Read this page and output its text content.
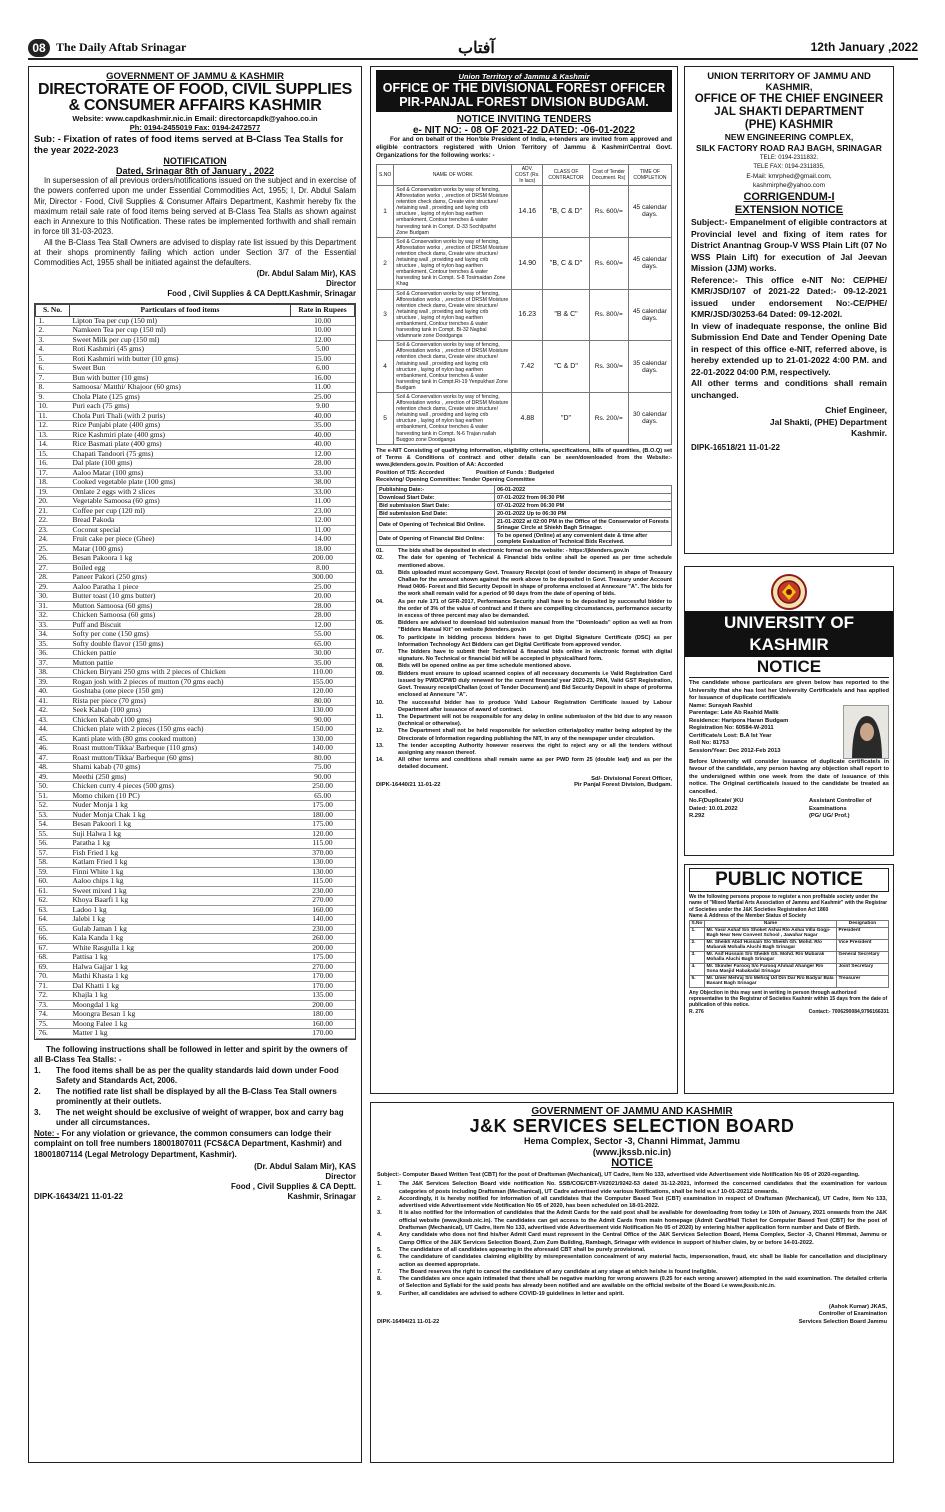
08 The Daily Aftab Srinagar	آفتاب	12th January ,2022
GOVERNMENT OF JAMMU & KASHMIR
DIRECTORATE OF FOOD, CIVIL SUPPLIES
& CONSUMER AFFAIRS KASHMIR
Website: www.capdkashmir.nic.in Email: directorcapdk@yahoo.co.in
Ph: 0194-2455019 Fax: 0194-2472577
Sub: - Fixation of rates of food items served at B-Class Tea Stalls for the year 2022-2023
NOTIFICATION
Dated, Srinagar 8th of January , 2022
In supersession of all previous orders/notifications issued on the subject and in exercise of the powers conferred upon me under Essential Commodities Act, 1955; I, Dr. Abdul Salam Mir, Director - Food, Civil Supplies & Consumer Affairs Department, Kashmir hereby fix the maximum retail sale rate of food items being served at B-Class Tea Stalls as shown against each in Annexure to this Notification. These rates be implemented forthwith and shall remain in force till 31-03-2023.
All the B-Class Tea Stall Owners are advised to display rate list issued by this Department at their shops prominently failing which action under Section 3/7 of the Essential Commodities Act, 1955 shall be initiated against the defaulters.
(Dr. Abdul Salam Mir), KAS
Director
Food , Civil Supplies & CA Deptt.Kashmir, Srinagar
S. No.	Particulars of food items	Rate in Rupees
1.	Lipton Tea per cup (150 ml)	10.00
2.	Namkeen Tea per cup (150 ml)	10.00
3.	Sweet Milk per cup (150 ml)	12.00
4.	Roti Kashmiri (45 gms)	5.00
5.	Roti Kashmiri with butter (10 gms)	15.00
6.	Sweet Bun	6.00
7.	Bun with butter (10 gms)	16.00
8.	Samoosa/ Matthi/ Khajoor (60 gms)	11.00
9.	Chola Plate (125 gms)	25.00
10.	Puri each (75 gms)	9.00
11.	Chola Puri Thali (with 2 puris)	40.00
12.	Rice Punjabi plate (400 gms)	35.00
13.	Rice Kashmiri plate (400 gms)	40.00
14.	Rice Basmati plate (400 gms)	40.00
15.	Chapati Tandoori (75 gms)	12.00
16.	Dal plate (100 gms)	28.00
17.	Aaloo Matar (100 gms)	33.00
18.	Cooked vegetable plate (100 gms)	38.00
19.	Omlate 2 eggs with 2 slices	33.00
20.	Vegetable Samoosa (60 gms)	11.00
21.	Coffee per cup (120 ml)	23.00
22.	Bread Pakoda	12.00
23.	Coconut special	11.00
24.	Fruit cake per piece (Ghee)	14.00
25.	Matar (100 gms)	18.00
26.	Besan Pakoora 1 kg	200.00
27.	Boiled egg	8.00
28.	Paneer Pakori (250 gms)	300.00
29.	Aaloo Paratha 1 piece	25.00
30.	Butter toast (10 gms butter)	20.00
31.	Mutton Samoosa (60 gms)	28.00
32.	Chicken Samoosa (60 gms)	28.00
33.	Puff and Biscuit	12.00
34.	Softy per cone (150 gms)	55.00
35.	Softy double flavor (150 gms)	65.00
36.	Chicken pattie	30.00
37.	Mutton pattie	35.00
38.	Chicken Biryani 250 gms with 2 pieces of Chicken	110.00
39.	Rogan josh with 2 pieces of mutton (70 gms each)	155.00
40.	Goshtaba (one piece (150 gm)	120.00
41.	Rista per piece (70 gms)	80.00
42.	Seek Kabab (100 gms)	130.00
43.	Chicken Kabab (100 gms)	90.00
44.	Chicken plate with 2 pieces (150 gms each)	150.00
45.	Kanti plate with (80 gms cooked mutton)	130.00
46.	Roast mutton/Tikka/ Barbeque (110 gms)	140.00
47.	Roast mutton/Tikka/ Barbeque (60 gms)	80.00
48.	Shami kabab (70 gms)	75.00
49.	Meethi (250 gms)	90.00
50.	Chicken curry 4 pieces (500 gms)	250.00
51.	Momo chiken (10 PC)	65.00
52.	Nuder Monja 1 kg	175.00
53.	Nuder Monja Chak 1 kg	180.00
54.	Besan Pakoori 1 kg	175.00
55.	Suji Halwa 1 kg	120.00
56.	Paratha 1 kg	115.00
57.	Fish Fried 1 kg	370.00
58.	Katlam Fried 1 kg	130.00
59.	Finni White 1 kg	130.00
60.	Aaloo chips 1 kg	115.00
61.	Sweet mixed 1 kg	230.00
62.	Khoya Baarfi 1 kg	270.00
63.	Ladoo 1 kg	160.00
64.	Jalebi 1 kg	140.00
65.	Gulab Jaman 1 kg	230.00
66.	Kala Kanda 1 kg	260.00
67.	White Rasgulla 1 kg	200.00
68.	Pattisa 1 kg	175.00
69.	Halwa Gajjar 1 kg	270.00
70.	Mathi Khasta 1 kg	170.00
71.	Dal Khatti 1 kg	170.00
72.	Khajla 1 kg	135.00
73.	Moongdal 1 kg	200.00
74.	Moongra Besan 1 kg	180.00
75.	Moong Falee 1 kg	160.00
76.	Matter 1 kg	170.00
The following instructions shall be followed in letter and spirit by the owners of all B-Class Tea Stalls: -
1.	The food items shall be as per the quality standards laid down under Food Safety and Standards Act, 2006.
2.	The notified rate list shall be displayed by all the B-Class Tea Stall owners prominently at their outlets.
3.	The net weight should be exclusive of weight of wrapper, box and carry bag under all circumstances.
Note: - For any violation or grievance, the common consumers can lodge their complaint on toll free numbers 18001807011 (FCS&CA Department, Kashmir) and 18001807114 (Legal Metrology Department, Kashmir).
(Dr. Abdul Salam Mir), KAS
Director
Food , Civil Supplies & CA Deptt.
DIPK-16434/21 11-01-22	Kashmir, Srinagar
Union Territory of Jammu & Kashmir
OFFICE OF THE DIVISIONAL FOREST OFFICER
PIR-PANJAL FOREST DIVISION BUDGAM.
NOTICE INVITING TENDERS
e- NIT NO: - 08 OF 2021-22 DATED: -06-01-2022
For and on behalf of the Hon'ble President of India, e-tenders are invited from approved and eligible contractors registered with Union Territory of Jammu & Kashmir/Central Govt. Organizations for the following works: -
S.NO	NAME OF WORK	ADV. COST (Rs. In lacs)	CLASS OF CONTRACTOR	Cost of Tender Document. Rs)	TIME OF COMPLETION
1	Soil & Conservation works by way of fencing, Afforestation works , ,erection of DRSM Moisture retention check dams, Create wire structure/ /retaining wall , providing and laying crib structure , laying of nylon bag earthen embankment, Contour trenches & water harvesting tank in Compt. D-33 Sochlipathri Zone Budgam	14.16	"B, C & D"	Rs. 600/=	45 calendar days.
2	Soil & Conservation works by way of fencing, Afforestation works , ,erection of DRSM Moisture retention check dams, Create wire structure/ /retaining wall , providing and laying crib structure , laying of nylon bag earthen embankment, Contour trenches & water harvesting tank in Compt. S-8 Tosimaidan Zone Khag	14.90	"B, C & D"	Rs. 600/=	45 calendar days.
3	Soil & Conservation works by way of fencing, Afforestation works , ,erection of DRSM Moisture retention check dams, Create wire structure/ /retaining wall , providing and laying crib structure , laying of nylon bag earthen embankment, Contour trenches & water harvesting tank in Compt. Bi-32 Nagbal vidamnarie zone Doodganga	16.23	"B & C"	Rs. 800/=	45 calendar days.
4	Soil & Conservation works by way of fencing, Afforestation works , ,erection of DRSM Moisture retention check dams, Create wire structure/ /retaining wall , providing and laying crib structure , laying of nylon bag earthen embankment, Contour trenches & water harvesting tank in Compt.Ri-19 Yenpukhari Zone Budgam	7.42	"C & D"	Rs. 300/=	35 calendar days.
5	Soil & Conservation works by way of fencing, Afforestation works , ,erection of DRSM Moisture retention check dams, Create wire structure/ /retaining wall , providing and laying crib structure , laying of nylon bag earthen embankment, Contour trenches & water harvesting tank in Compt. N-6 Trajan nallah Buqgoo zone Doodganga	4.88	"D"	Rs. 200/=	30 calendar days.
The e-NIT Consisting of qualifying information, eligibility criteria, specifications, bills of quantities, (B.O.Q) set of Terms & Conditions of contract and other details can be seen/downloaded from the Website:-www.jktenders.gov.in. Position of AA: Accorded
Position of T/S: Accorded	Position of Funds : Budgeted
Receiving/ Opening Committee: Tender Opening Committee
Publishing Date:-	06-01-2022
Download Start Date:	07-01-2022 from 06:30 PM
Bid submission Start Date:	07-01-2022 from 06:30 PM
Bid submission End Date:	20-01-2022 Up to 06:30 PM
Date of Opening of Technical Bid Online.	21-01-2022 at 02:00 PM in the Office of the Conservator of Forests Srinagar Circle at Shiekh Bagh Srinagar.
Date of Opening of Financial Bid Online:	To be opened (Online) at any convenient date & time after complete Evaluation of Technical Bids Received.
01.	The bids shall be deposited in electronic format on the website: - https://jktenders.gov.in
02.	The date for opening of Technical & Financial bids online shall be opened as per time schedule mentioned above.
03.	Bids uploaded must accompany Govt. Treasury Receipt (cost of tender document) in shape of Treasury Challan for the amount shown against the work above to be deposited in Govt. Treasury under Account Head 0406- Forest and Bid Security Deposit in shape of proforma enclosed at Annexure "A". The bids for the work shall remain valid for a period of 90 days from the date of opening of bids.
04.	As per rule 171 of GFR-2017, Performance Security shall have to be deposited by successful bidder to the order of 3% of the value of contract and if there are compelling circumstances, performance security in excess of three percent may also be demanded.
05.	Bidders are advised to download bid submission manual from the "Downloads" option as well as from "Bidders Manual Kit" on website jktenders.gov.in
06.	To participate in bidding process bidders have to get Digital Signature Certificate (DSC) as per Information Technology Act Bidders can get Digital Certificate from approved vendor.
07.	The bidders have to submit their Technical & financial bids online in electronic format with digital signature. No Technical or financial bid will be accepted in physical/hard form.
08.	Bids will be opened online as per time schedule mentioned above.
09.	Bidders must ensure to upload scanned copies of all necessary documents i.e Valid Registration Card issued by PWD/CPWD duly renewed for the current financial year 2020-21, PAN, Valid GST Registration, Govt. Treasury receipt/Challan (cost of Tender Document) and Bid Security Deposit in shape of proforma enclosed at Annexure "A".
10.	The successful bidder has to produce Valid Labour Registration Certificate issued by Labour Department after issuance of award of contract.
11.	The Department will not be responsible for any delay in online submission of the bid due to any reason (technical or otherwise).
12.	The Department shall not be held responsible for selection criteria/policy matter being adopted by the Directorate of Information regarding publishing the NIT, in any of the newspaper under circulation.
13.	The tender accepting Authority however reserves the right to reject any or all the tenders without assigning any reason thereof.
14.	All other terms and conditions shall remain same as per PWD form 25 (double leaf) and as per the detailed document.
Sd/- Divisional Forest Officer,
DIPK-16440/21 11-01-22	Pir Panjal Forest Division, Budgam.
UNION TERRITORY OF JAMMU AND KASHMIR,
OFFICE OF THE CHIEF ENGINEER
JAL SHAKTI DEPARTMENT
(PHE) KASHMIR
NEW ENGINEERING COMPLEX,
SILK FACTORY ROAD RAJ BAGH, SRINAGAR
TELE: 0194-2311832.
TELE FAX: 0194-2311835,
E-Mail: kmrphed@gmail.com,
kashmirphe@yahoo.com
CORRIGENDUM-I
EXTENSION NOTICE
Subject:- Empanelment of eligible contractors at Provincial level and fixing of item rates for District Anantnag Group-V WSS Plain Lift (07 No WSS Plain Lift) for execution of Jal Jeevan Mission (JJM) works.
Reference:- This office e-NIT No: CE/PHE/ KMR/JSD/107 of 2021-22 Dated:- 09-12-2021 issued under endorsement No:-CE/PHE/ KMR/JSD/30253-64 Dated: 09-12-202l.
In view of inadequate response, the online Bid Submission End Date and Tender Opening Date in respect of this office e-NIT, referred above, is hereby extended up to 21-01-2022 4:00 P.M. and 22-01-2022 04:00 P.M, respectively.
All other terms and conditions shall remain unchanged.
Chief Engineer,
Jal Shakti, (PHE) Department
Kashmir.
DIPK-16518/21 11-01-22
UNIVERSITY OF KASHMIR
NOTICE
The candidate whose particulars are given below has reported to the University that she has lost her University Certificate/s and has applied for issuance of duplicate certificate/s
Name: Surayah Rashid
Parentage: Late Ab Rashid Malik
Residence: Haripora Haran Budgam
Registration No: 60584-W-2011
Certificate/s Lost: B.A Ist Year
Roll No: 81753
Session/Year: Dec 2012-Feb 2013
Before University will consider issuance of duplicate certificate/s in favour of the candidate, any person having any objection shall report to the undersigned within one week from the date of issuance of this notice. The Original certificate/s issued to the candidate be treated as cancelled.
No.F(Duplicate/ )KU
Dated: 10.01.2022
R.292
Assistant Controller of
Examinations
(PG/ UG/ Prof.)
PUBLIC NOTICE
We the following persons propose to register a non profitable society under the name of "Mixed Martial Arts Association of Jammu and Kashmir" with the Registrar of Societies under the J&K Societies Registration Act 1860
Name & Address of the Member Status of Society
S.No	Name	Designation
1.	Mr. Yasir Ashaf S/o Shoket Ashai R/o Ashai Villa Gogji-Bagh Near New Convent School , Jawahar Nagar	President
2.	Mr. Sheikh Abid Hussain S/o Sheikh Gh. Mohd. R/o Mubarak Mohalla Aluchi Bagh Srinagar	Vice President
3.	Mr. Asif Hussain S/o Sheikh Gh. Mohd. R/o Mubarak Mohalla Aluchi Bagh Srinagar	General Secretary
4.	Mr. Skinder Farooq S/o Farooq Ahmad Ahanger R/o Sona Masjid Habakadal Srinagar	Joint Secretary
5.	Mr. Umer Mehraj S/o Mehraj Ud Din Dar R/o Badyar Bala Basant Bagh Srinagar	Treasurer
Any Objection in this may sent in writing in person through authorized representative to the Registrar of Societies Kashmir within 15 days from the date of publication of this notice.
R. 276	Contact:- 7006290084,9796166331
GOVERNMENT OF JAMMU AND KASHMIR
J&K SERVICES SELECTION BOARD
Hema Complex, Sector -3, Channi Himmat, Jammu
(www.jkssb.nic.in)
NOTICE
Subject:- Computer Based Written Test (CBT) for the post of Draftsman (Mechanical), UT Cadre, Item No 133, advertised vide Advertisement vide Notification No 05 of 2020-regarding.
1.	The J&K Services Selection Board vide notification No. SSB/COE/CBT-VI/2021/9242-53 dated 31-12-2021, informed the concerned candidates that the examination for various categories of posts including Draftsman (Mechanical), UT Cadre advertised vide various Notifications, shall be held w.e.f 10-01-20212 onwards.
2.	Accordingly, it is hereby notified for information of all candidates that the Computer Based Test (CBT) examination in respect of Draftsman (Mechanical), UT Cadre, Item No 133, advertised vide Advertisement vide Notification No 05 of 2020, has been scheduled on 18-01-2022.
3.	It is also notified for the information of candidates that the Admit Cards for the said post shall be available for downloading from today i.e 10th of January, 2021 onwards from the J&K official website (www.jkssb.nic.in). The candidates can get access to the Admit Cards from main homepage (Admit Card/Hall Ticket for Computer Based Test (CBT) for the post of Draftsman (Mechanical), UT Cadre, Item No 133, advertised vide Advertisement vide Notification No 05 of 2020) by entering his/her application form number and Date of Birth.
4.	Any candidate who does not find his/her Admit Card must represent in the Central Office of the J&K Services Selection Board, Hema Complex, Sector -3, Channi Himmat, Jammu or Camp Office of the J&K Services Selection Board, Zum Zum Building, Rambagh, Srinagar with evidence in support of his/her claim, by or before 14-01-2022.
5.	The candidature of all candidates appearing in the aforesaid CBT shall be purely provisional.
6.	The candidature of candidates claiming eligibility by misrepresentation concealment of any material facts, impersonation, fraud, etc shall be liable for cancellation and disciplinary action as deemed appropriate.
7.	The Board reserves the right to cancel the candidature of any candidate at any stage at which he/she is found ineligible.
8.	The candidates are once again intimated that there shall be negative marking for wrong answers (0.25 for each wrong answer) attempted in the said examination. The detailed criteria of Selection and Syllabi for the said posts has already been notified and are available on the official website of the Board i.e www.jkssb.nic.in.
9.	Further, all candidates are advised to adhere COVID-19 guidelines in letter and spirit.
(Ashok Kumar) JKAS,
Controller of Examination
DIPK-16494/21 11-01-22	Services Selection Board Jammu
